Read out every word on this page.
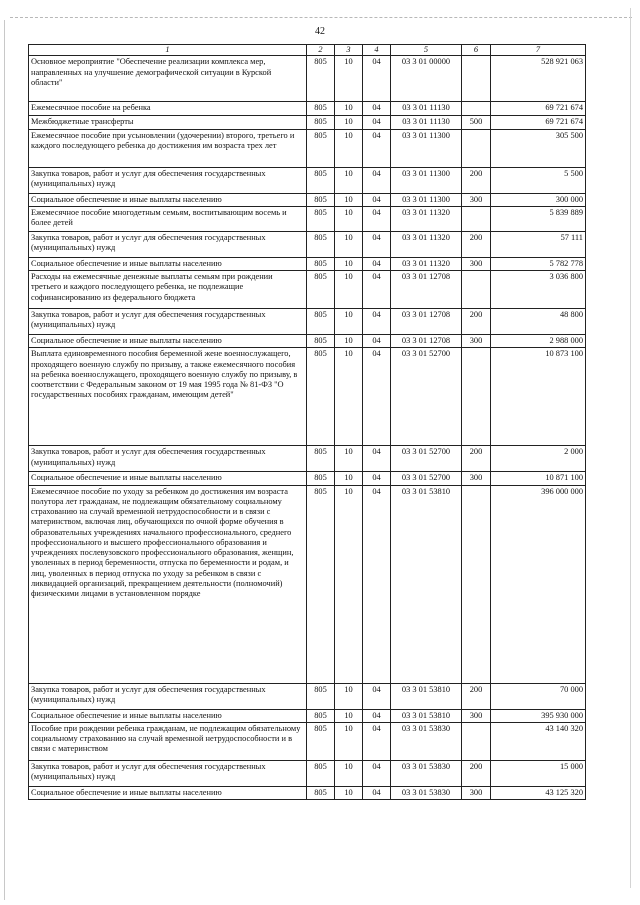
42
1	2	3	4	5	6	7
Основное мероприятие "Обеспечение реализации комплекса мер, направленных на улучшение демографической ситуации в Курской области"	805	10	04	03 3 01 00000		528 921 063
Ежемесячное пособие на ребенка	805	10	04	03 3 01 11130		69 721 674
Межбюджетные трансферты	805	10	04	03 3 01 11130	500	69 721 674
Ежемесячное пособие при усыновлении (удочерении) второго, третьего и каждого последующего ребенка до достижения им возраста трех лет	805	10	04	03 3 01 11300		305 500
Закупка товаров, работ и услуг для обеспечения государственных (муниципальных) нужд	805	10	04	03 3 01 11300	200	5 500
Социальное обеспечение и иные выплаты населению	805	10	04	03 3 01 11300	300	300 000
Ежемесячное пособие многодетным семьям, воспитывающим восемь и более детей	805	10	04	03 3 01 11320		5 839 889
Закупка товаров, работ и услуг для обеспечения государственных (муниципальных) нужд	805	10	04	03 3 01 11320	200	57 111
Социальное обеспечение и иные выплаты населению	805	10	04	03 3 01 11320	300	5 782 778
Расходы на ежемесячные денежные выплаты семьям при рождении третьего и каждого последующего ребенка, не подлежащие софинансированию из федерального бюджета	805	10	04	03 3 01 12708		3 036 800
Закупка товаров, работ и услуг для обеспечения государственных (муниципальных) нужд	805	10	04	03 3 01 12708	200	48 800
Социальное обеспечение и иные выплаты населению	805	10	04	03 3 01 12708	300	2 988 000
Выплата единовременного пособия беременной жене военнослужащего, проходящего военную службу по призыву, а также ежемесячного пособия на ребенка военнослужащего, проходящего военную службу по призыву, в соответствии с Федеральным законом от 19 мая 1995 года № 81-ФЗ "О государственных пособиях гражданам, имеющим детей"	805	10	04	03 3 01 52700		10 873 100
Закупка товаров, работ и услуг для обеспечения государственных (муниципальных) нужд	805	10	04	03 3 01 52700	200	2 000
Социальное обеспечение и иные выплаты населению	805	10	04	03 3 01 52700	300	10 871 100
Ежемесячное пособие по уходу за ребенком до достижения им возраста полутора лет гражданам, не подлежащим обязательному социальному страхованию на случай временной нетрудоспособности и в связи с материнством, включая лиц, обучающихся по очной форме обучения в образовательных учреждениях начального профессионального, среднего профессионального и высшего профессионального образования и учреждениях послевузовского профессионального образования, женщин, уволенных в период беременности, отпуска по беременности и родам, и лиц, уволенных в период отпуска по уходу за ребенком в связи с ликвидацией организаций, прекращением деятельности (полномочий) физическими лицами в установленном порядке	805	10	04	03 3 01 53810		396 000 000
Закупка товаров, работ и услуг для обеспечения государственных (муниципальных) нужд	805	10	04	03 3 01 53810	200	70 000
Социальное обеспечение и иные выплаты населению	805	10	04	03 3 01 53810	300	395 930 000
Пособие при рождении ребенка гражданам, не подлежащим обязательному социальному страхованию на случай временной нетрудоспособности и в связи с материнством	805	10	04	03 3 01 53830		43 140 320
Закупка товаров, работ и услуг для обеспечения государственных (муниципальных) нужд	805	10	04	03 3 01 53830	200	15 000
Социальное обеспечение и иные выплаты населению	805	10	04	03 3 01 53830	300	43 125 320
